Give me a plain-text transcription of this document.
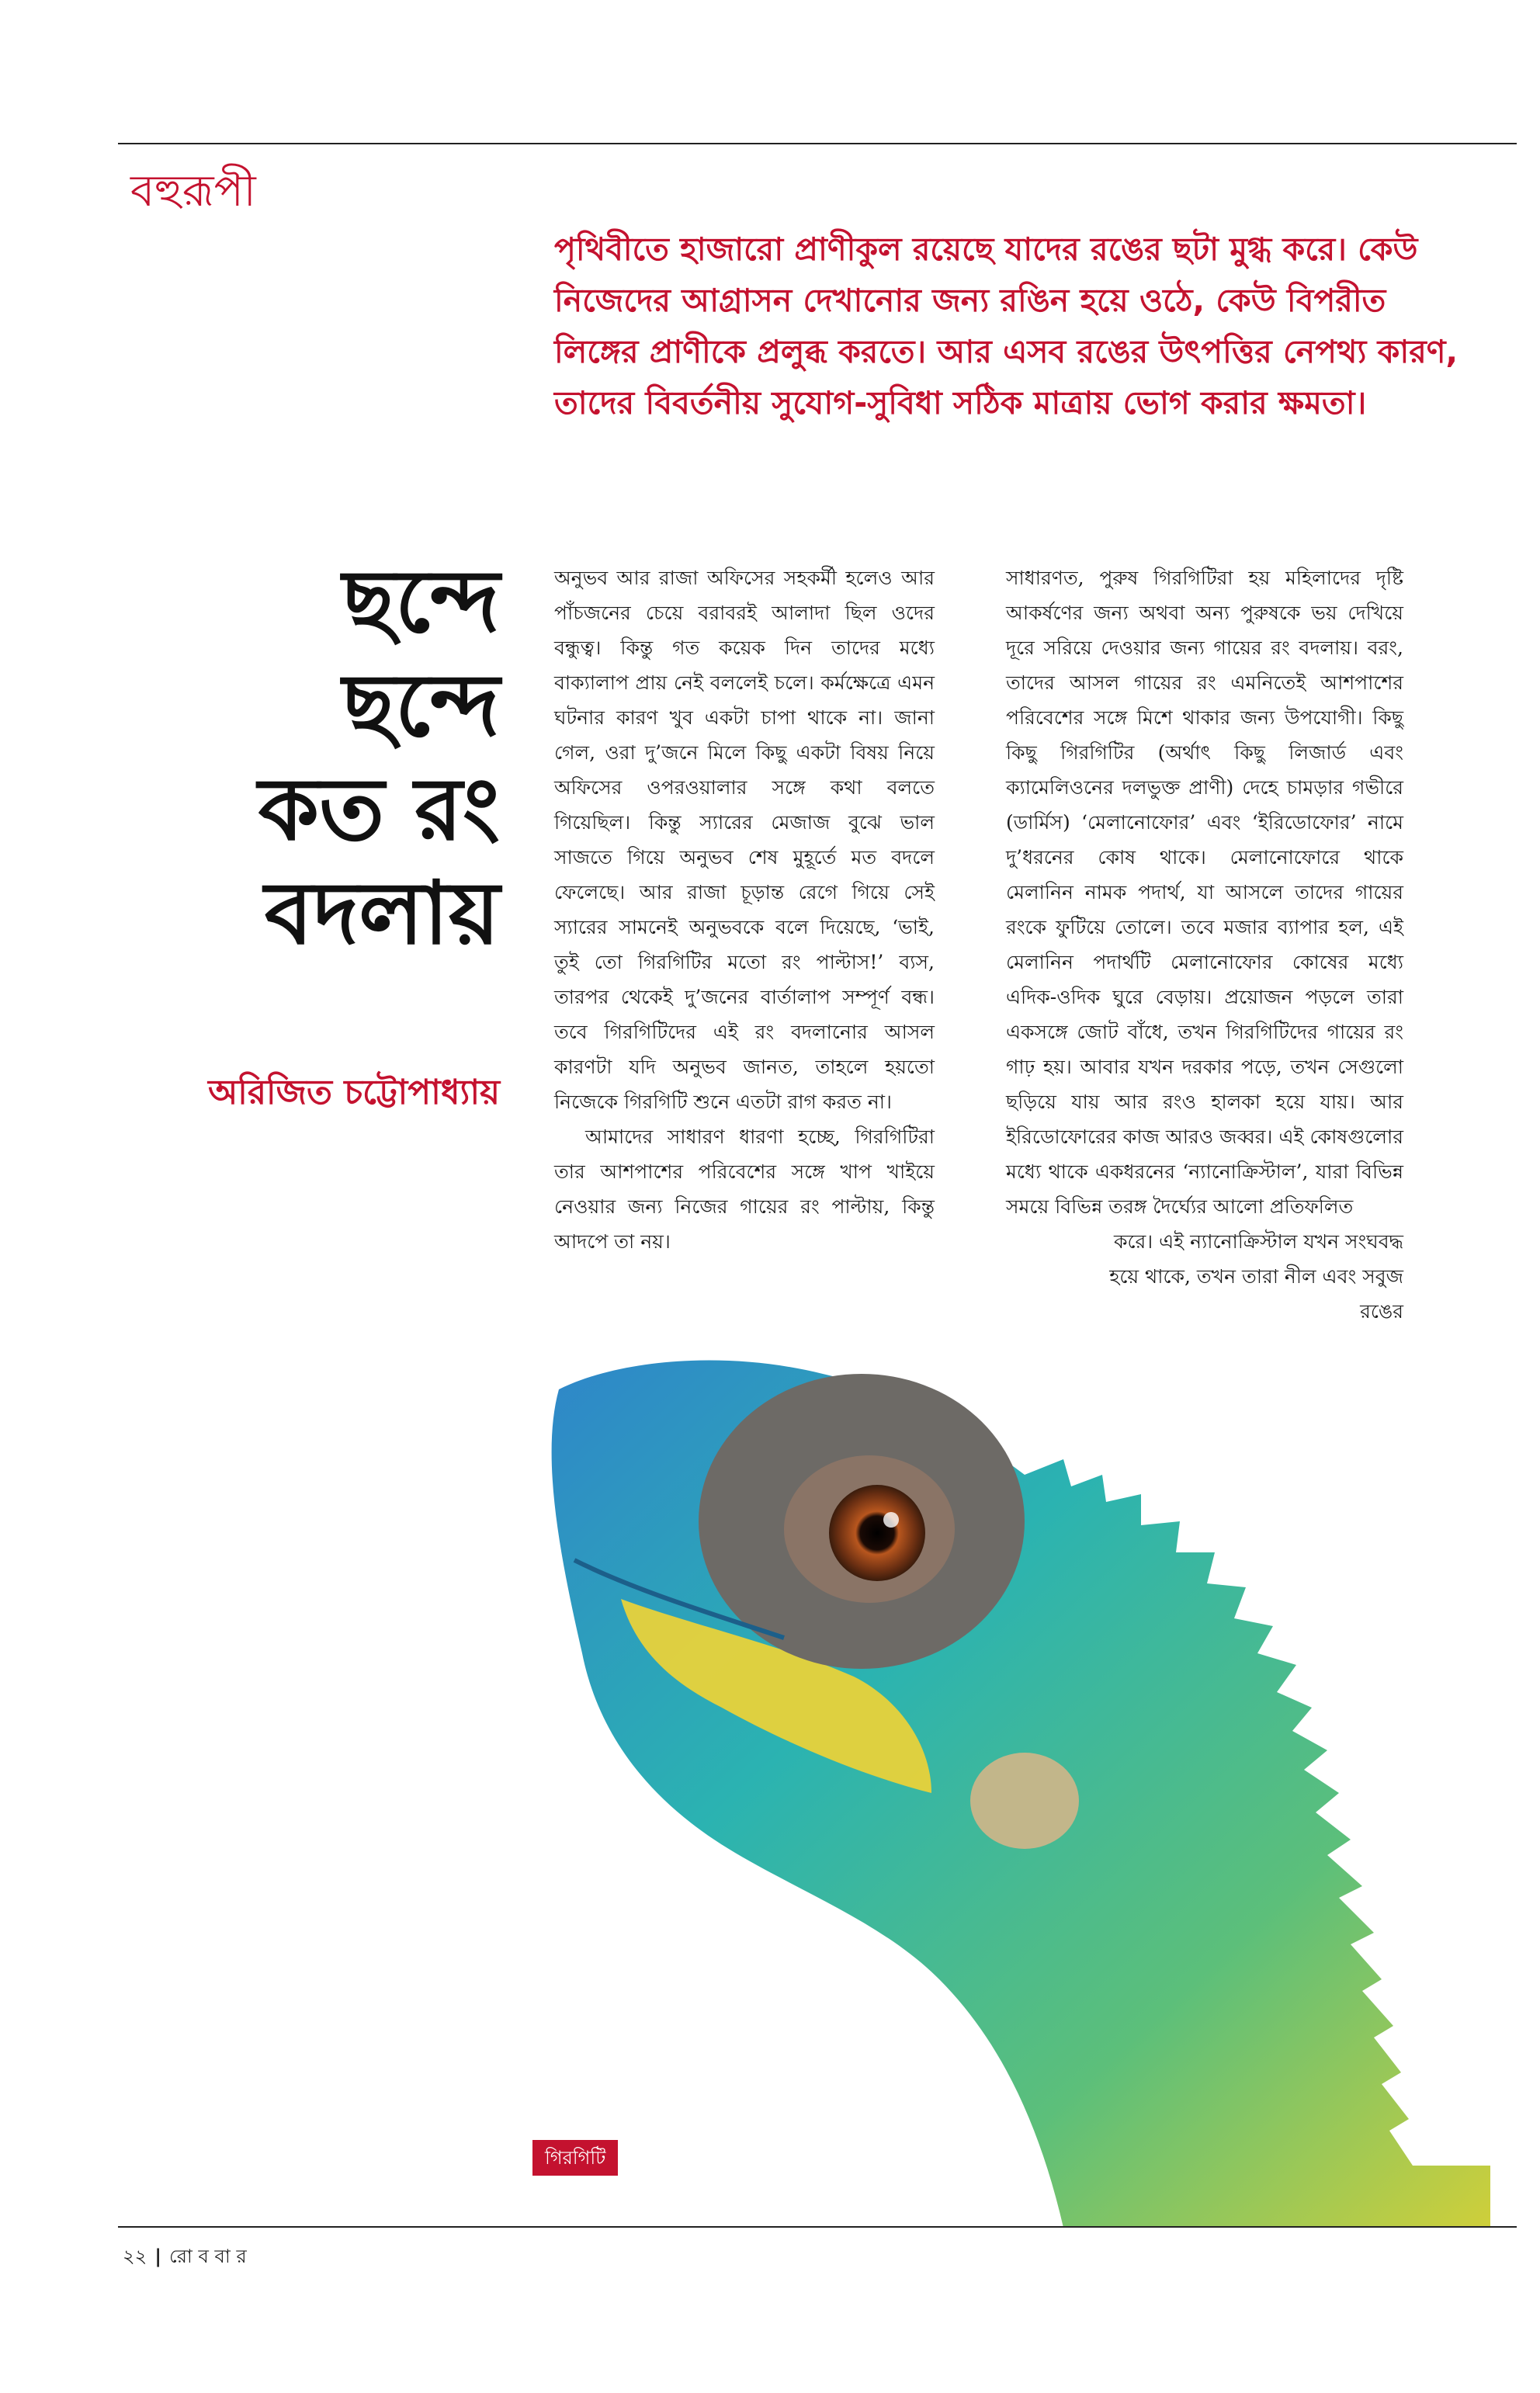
বহুরূপী
পৃথিবীতে হাজারো প্রাণীকুল রয়েছে যাদের রঙের ছটা মুগ্ধ করে। কেউ নিজেদের আগ্রাসন দেখানোর জন্য রঙিন হয়ে ওঠে, কেউ বিপরীত লিঙ্গের প্রাণীকে প্রলুব্ধ করতে। আর এসব রঙের উৎপত্তির নেপথ্য কারণ, তাদের বিবর্তনীয় সুযোগ-সুবিধা সঠিক মাত্রায় ভোগ করার ক্ষমতা।
ছন্দে
ছন্দে
কত রং
বদলায়
অরিজিত চট্টোপাধ্যায়

অনুভব আর রাজা অফিসের সহকর্মী হলেও আর পাঁচজনের চেয়ে বরাবরই আলাদা ছিল ওদের বন্ধুত্ব। কিন্তু গত কয়েক দিন তাদের মধ্যে বাক্যালাপ প্রায় নেই বললেই চলে। কর্মক্ষেত্রে এমন ঘটনার কারণ খুব একটা চাপা থাকে না। জানা গেল, ওরা দু’জনে মিলে কিছু একটা বিষয় নিয়ে অফিসের ওপরওয়ালার সঙ্গে কথা বলতে গিয়েছিল। কিন্তু স্যারের মেজাজ বুঝে ভাল সাজতে গিয়ে অনুভব শেষ মুহূর্তে মত বদলে ফেলেছে। আর রাজা চূড়ান্ত রেগে গিয়ে সেই স্যারের সামনেই অনুভবকে বলে দিয়েছে, ‘ভাই, তুই তো গিরগিটির মতো রং পাল্টাস!’ ব্যস, তারপর থেকেই দু’জনের বার্তালাপ সম্পূর্ণ বন্ধ। তবে গিরগিটিদের এই রং বদলানোর আসল কারণটা যদি অনুভব জানত, তাহলে হয়তো নিজেকে গিরগিটি শুনে এতটা রাগ করত না।

আমাদের সাধারণ ধারণা হচ্ছে, গিরগিটিরা তার আশপাশের পরিবেশের সঙ্গে খাপ খাইয়ে নেওয়ার জন্য নিজের গায়ের রং পাল্টায়, কিন্তু আদপে তা নয়।

সাধারণত, পুরুষ গিরগিটিরা হয় মহিলাদের দৃষ্টি আকর্ষণের জন্য অথবা অন্য পুরুষকে ভয় দেখিয়ে দূরে সরিয়ে দেওয়ার জন্য গায়ের রং বদলায়। বরং, তাদের আসল গায়ের রং এমনিতেই আশপাশের পরিবেশের সঙ্গে মিশে থাকার জন্য উপযোগী। কিছু কিছু গিরগিটির (অর্থাৎ কিছু লিজার্ড এবং ক্যামেলিওনের দলভুক্ত প্রাণী) দেহে চামড়ার গভীরে (ডার্মিস) ‘মেলানোফোর’ এবং ‘ইরিডোফোর’ নামে দু’ধরনের কোষ থাকে। মেলানোফোরে থাকে মেলানিন নামক পদার্থ, যা আসলে তাদের গায়ের রংকে ফুটিয়ে তোলে। তবে মজার ব্যাপার হল, এই মেলানিন পদার্থটি মেলানোফোর কোষের মধ্যে এদিক-ওদিক ঘুরে বেড়ায়। প্রয়োজন পড়লে তারা একসঙ্গে জোট বাঁধে, তখন গিরগিটিদের গায়ের রং গাঢ় হয়। আবার যখন দরকার পড়ে, তখন সেগুলো ছড়িয়ে যায় আর রংও হালকা হয়ে যায়। আর ইরিডোফোরের কাজ আরও জব্বর। এই কোষগুলোর মধ্যে থাকে একধরনের ‘ন্যানোক্রিস্টাল’, যারা বিভিন্ন সময়ে বিভিন্ন তরঙ্গ দৈর্ঘ্যের আলো প্রতিফলিত

করে। এই ন্যানোক্রিস্টাল যখন সংঘবদ্ধ হয়ে থাকে, তখন তারা নীল এবং সবুজ রঙের

গিরগিটি
২২ | রো ব বা র
